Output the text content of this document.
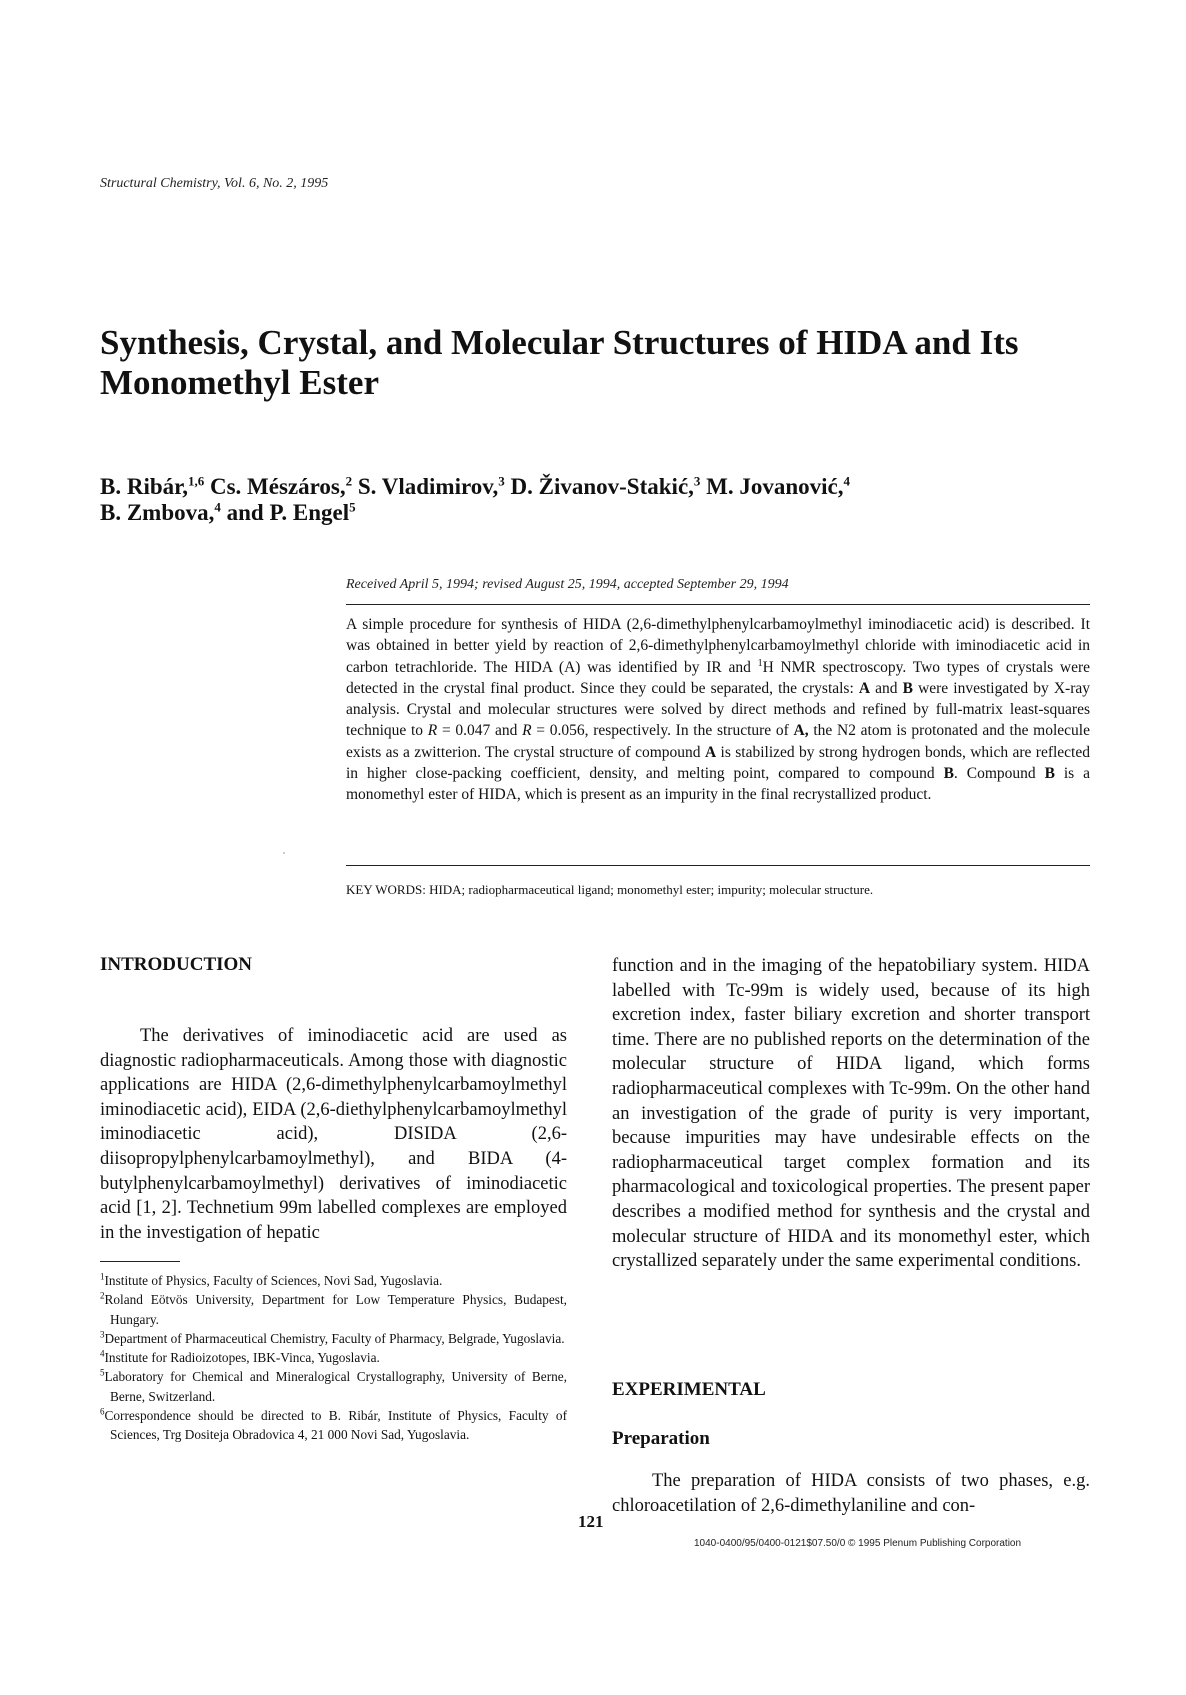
Structural Chemistry, Vol. 6, No. 2, 1995
Synthesis, Crystal, and Molecular Structures of HIDA and Its
Monomethyl Ester
B. Ribár,$^{1,6}$ Cs. Mészáros,$^2$ S. Vladimirov,$^3$ D. Živanov-Stakić,$^3$ M. Jovanović,$^4$
B. Zmbova,$^4$ and P. Engel$^5$
Received April 5, 1994; revised August 25, 1994, accepted September 29, 1994
A simple procedure for synthesis of HIDA (2,6-dimethylphenylcarbamoylmethyl iminodiacetic acid) is described. It was obtained in better yield by reaction of 2,6-dimethylphenylcarbamoylmethyl chloride with iminodiacetic acid in carbon tetrachloride. The HIDA (A) was identified by IR and $^1$H NMR spectroscopy. Two types of crystals were detected in the crystal final product. Since they could be separated, the crystals: A and B were investigated by X-ray analysis. Crystal and molecular structures were solved by direct methods and refined by full-matrix least-squares technique to R = 0.047 and R = 0.056, respectively. In the structure of A, the N2 atom is protonated and the molecule exists as a zwitterion. The crystal structure of compound A is stabilized by strong hydrogen bonds, which are reflected in higher close-packing coefficient, density, and melting point, compared to compound B. Compound B is a monomethyl ester of HIDA, which is present as an impurity in the final recrystallized product.
KEY WORDS: HIDA; radiopharmaceutical ligand; monomethyl ester; impurity; molecular structure.
INTRODUCTION

The derivatives of iminodiacetic acid are used as diagnostic radiopharmaceuticals. Among those with diagnostic applications are HIDA (2,6-dimethylphenylcarbamoylmethyl iminodiacetic acid), EIDA (2,6-diethylphenylcarbamoylmethyl iminodiacetic acid), DISIDA (2,6-diisopropylphenylcarbamoylmethyl), and BIDA (4-butylphenylcarbamoylmethyl) derivatives of iminodiacetic acid [1, 2]. Technetium 99m labelled complexes are employed in the investigation of hepatic

function and in the imaging of the hepatobiliary system. HIDA labelled with Tc-99m is widely used, because of its high excretion index, faster biliary excretion and shorter transport time. There are no published reports on the determination of the molecular structure of HIDA ligand, which forms radiopharmaceutical complexes with Tc-99m. On the other hand an investigation of the grade of purity is very important, because impurities may have undesirable effects on the radiopharmaceutical target complex formation and its pharmacological and toxicological properties. The present paper describes a modified method for synthesis and the crystal and molecular structure of HIDA and its monomethyl ester, which crystallized separately under the same experimental conditions.

EXPERIMENTAL
Preparation

The preparation of HIDA consists of two phases, e.g. chloroacetilation of 2,6-dimethylaniline and con-

$^1$Institute of Physics, Faculty of Sciences, Novi Sad, Yugoslavia.
$^2$Roland Eötvös University, Department for Low Temperature Physics, Budapest, Hungary.
$^3$Department of Pharmaceutical Chemistry, Faculty of Pharmacy, Belgrade, Yugoslavia.
$^4$Institute for Radioizotopes, IBK-Vinca, Yugoslavia.
$^5$Laboratory for Chemical and Mineralogical Crystallography, University of Berne, Berne, Switzerland.
$^6$Correspondence should be directed to B. Ribár, Institute of Physics, Faculty of Sciences, Trg Dositeja Obradovica 4, 21 000 Novi Sad, Yugoslavia.
121
1040-0400/95/0400-0121$07.50/0 © 1995 Plenum Publishing Corporation
